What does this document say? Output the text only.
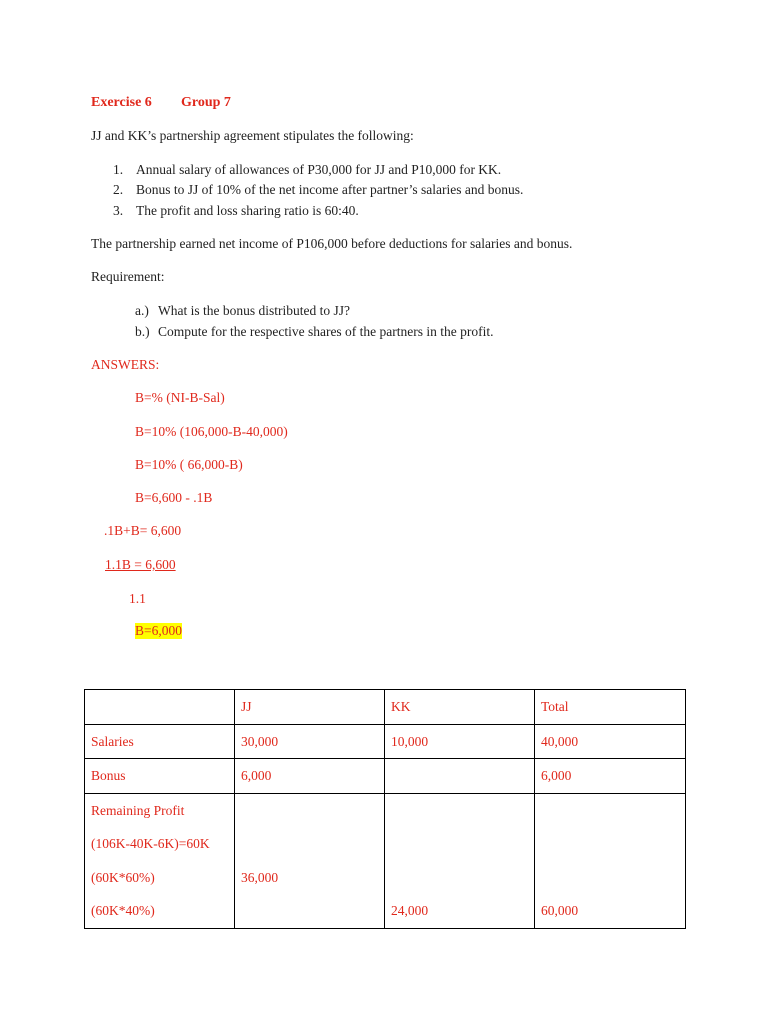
Exercise 6 Group 7
JJ and KK’s partnership agreement stipulates the following:
1. Annual salary of allowances of P30,000 for JJ and P10,000 for KK.
2. Bonus to JJ of 10% of the net income after partner’s salaries and bonus.
3. The profit and loss sharing ratio is 60:40.
The partnership earned net income of P106,000 before deductions for salaries and bonus.
Requirement:
a.) What is the bonus distributed to JJ?
b.) Compute for the respective shares of the partners in the profit.
ANSWERS:
B=% (NI-B-Sal)
B=10% (106,000-B-40,000)
B=10% ( 66,000-B)
B=6,600 - .1B
.1B+B= 6,600
1.1B = 6,600
1.1
B=6,000

	JJ	KK	Total

Salaries	30,000	10,000	40,000

Bonus	6,000		6,000

Remaining Profit
(106K-40K-6K)=60K
(60K*60%)
(60K*40%)	36,000	24,000	60,000
